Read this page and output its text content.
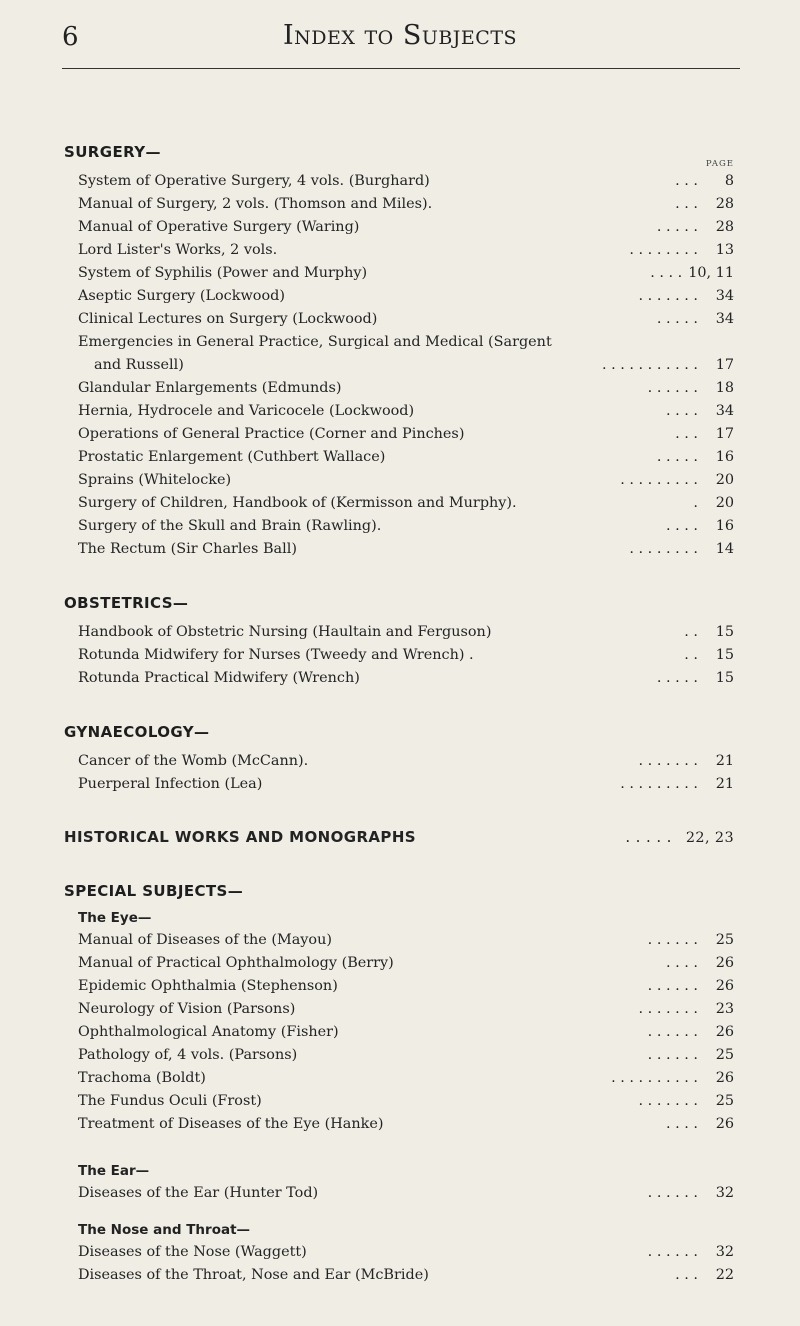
6	Index to Subjects
SURGERY—
PAGE
System of Operative Surgery, 4 vols. (Burghard)	. . .	8
Manual of Surgery, 2 vols. (Thomson and Miles).	. . .	28
Manual of Operative Surgery (Waring)	. . . . .	28
Lord Lister's Works, 2 vols.	. . . . . . . .	13
System of Syphilis (Power and Murphy)	. . . . 10, 11
Aseptic Surgery (Lockwood)	. . . . . . .	34
Clinical Lectures on Surgery (Lockwood)	. . . . .	34
Emergencies in General Practice, Surgical and Medical (Sargent
and Russell)	. . . . . . . . . . .	17
Glandular Enlargements (Edmunds)	. . . . . .	18
Hernia, Hydrocele and Varicocele (Lockwood)	. . . .	34
Operations of General Practice (Corner and Pinches)	. . .	17
Prostatic Enlargement (Cuthbert Wallace)	. . . . .	16
Sprains (Whitelocke)	. . . . . . . . .	20
Surgery of Children, Handbook of (Kermisson and Murphy).	.	20
Surgery of the Skull and Brain (Rawling).	. . . .	16
The Rectum (Sir Charles Ball)	. . . . . . . .	14
OBSTETRICS—
Handbook of Obstetric Nursing (Haultain and Ferguson)	. .	15
Rotunda Midwifery for Nurses (Tweedy and Wrench) .	. .	15
Rotunda Practical Midwifery (Wrench)	. . . . .	15
GYNAECOLOGY—
Cancer of the Womb (McCann).	. . . . . . .	21
Puerperal Infection (Lea)	. . . . . . . . .	21
HISTORICAL WORKS AND MONOGRAPHS	. . . . . 22, 23
SPECIAL SUBJECTS—
The Eye—
Manual of Diseases of the (Mayou)	. . . . . .	25
Manual of Practical Ophthalmology (Berry)	. . . .	26
Epidemic Ophthalmia (Stephenson)	. . . . . .	26
Neurology of Vision (Parsons)	. . . . . . .	23
Ophthalmological Anatomy (Fisher)	. . . . . .	26
Pathology of, 4 vols. (Parsons)	. . . . . .	25
Trachoma (Boldt)	. . . . . . . . . .	26
The Fundus Oculi (Frost)	. . . . . . .	25
Treatment of Diseases of the Eye (Hanke)	. . . .	26
The Ear—
Diseases of the Ear (Hunter Tod)	. . . . . .	32
The Nose and Throat—
Diseases of the Nose (Waggett)	. . . . . .	32
Diseases of the Throat, Nose and Ear (McBride)	. . .	22
